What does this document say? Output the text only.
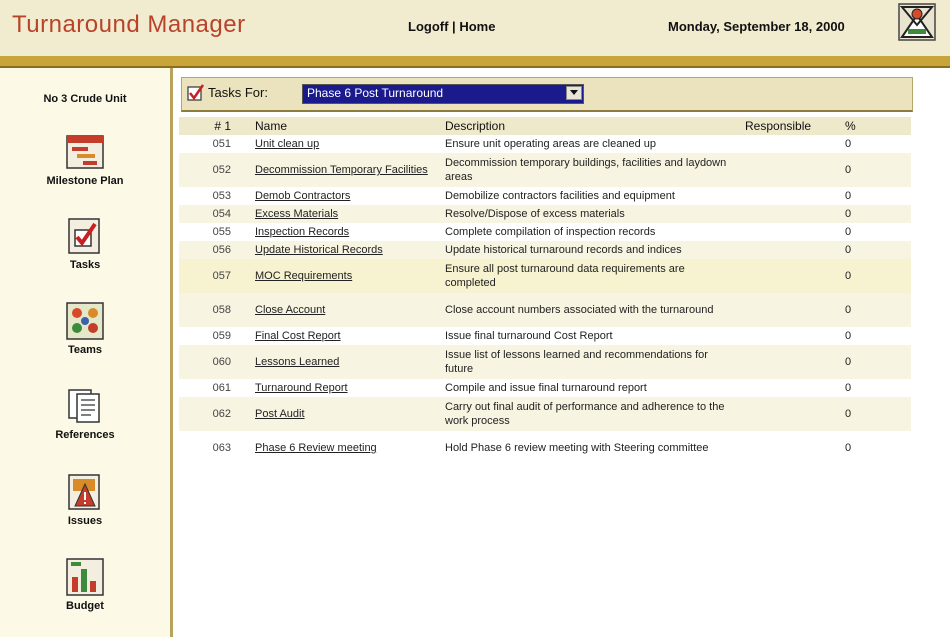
Turnaround Manager	Logoff | Home	Monday, September 18, 2000
No 3 Crude Unit
Milestone Plan
Tasks
Teams
References
Issues
Budget
Tasks For:	Phase 6 Post Turnaround
# 1	Name	Description	Responsible	%
051	Unit clean up	Ensure unit operating areas are cleaned up		0
052	Decommission Temporary Facilities	Decommission temporary buildings, facilities and laydown areas		0
053	Demob Contractors	Demobilize contractors facilities and equipment		0
054	Excess Materials	Resolve/Dispose of excess materials		0
055	Inspection Records	Complete compilation of inspection records		0
056	Update Historical Records	Update historical turnaround records and indices		0
057	MOC Requirements	Ensure all post turnaround data requirements are completed		0
058	Close Account	Close account numbers associated with the turnaround		0
059	Final Cost Report	Issue final turnaround Cost Report		0
060	Lessons Learned	Issue list of lessons learned and recommendations for future		0
061	Turnaround Report	Compile and issue final turnaround report		0
062	Post Audit	Carry out final audit of performance and adherence to the work process		0
063	Phase 6 Review meeting	Hold Phase 6 review meeting with Steering committee		0
